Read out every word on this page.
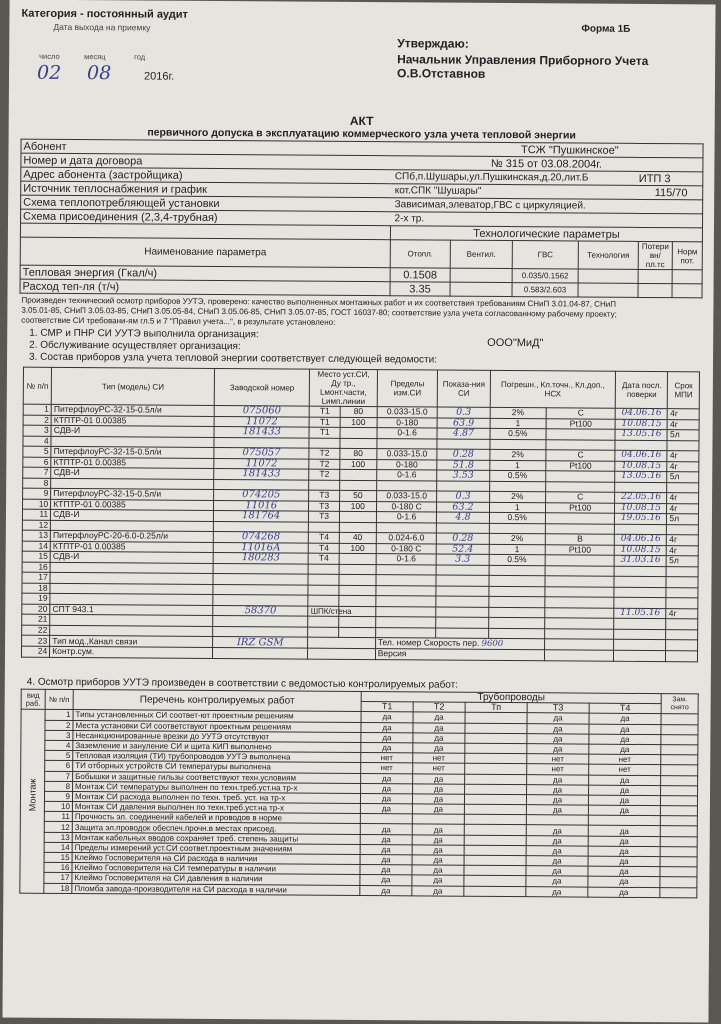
Категория - постоянный аудит
Дата выхода на приемку
число	месяц	год
02 08	2016г.
Форма 1Б
Утверждаю:
Начальник Управления Приборного Учета
О.В.Отставнов
АКТ
первичного допуска в эксплуатацию коммерческого узла учета тепловой энергии
Абонент ТСЖ "Пушкинское"						

Номер и дата договора № 315 от 03.08.2004г.						

Адрес абонента (застройщика) СПб,п.Шушары,ул.Пушкинская,д.20,лит.Б ИТП 3						

Источник теплоснабжения и график кот.СПК "Шушары" 115/70						

Схема теплопотребляющей установки Зависимая,элеватор,ГВС с циркуляцией.						

Схема присоединения (2,3,4-трубная) 2-х тр.						

	Технологические параметры					
Наименование параметра	Отопл.	Вентил.	ГВС	Технология	Потери вн/пл.тс	Норм пот.
Тепловая энергия (Гкал/ч)	0.1508		0.035/0.1562			
Расход теп-ля (т/ч)	3.35		0.583/2.603			
Произведен технический осмотр приборов УУТЭ, проверено: качество выполненных монтажных работ и их соответствия требованиям СНиП 3.01.04-87, СНиП
3.05.01-85, СНиП 3.05.03-85, СНиП 3.05.05-84, СНиП 3.05.06-85, СНиП 3.05.07-85, ГОСТ 16037-80; соответствие узла учета согласованному рабочему проекту;
соответствие СИ требовани-ям гл.5 и 7 "Правил учета...", в результате установлено:
1. СМР и ПНР СИ УУТЭ выполнила организация:
ООО"МиД"
2. Обслуживание осуществляет организация:
3. Состав приборов узла учета тепловой энергии соответствует следующей ведомости:
№ п/п	Тип (модель) СИ	Заводской номер	Место уст.СИ, Ду тр., Lмонт.части, Lимп.линии		Пределы изм.СИ	Показа-ния СИ	Погрешн., Кл.точн., Кл.доп., НСХ		Дата посл. поверки	Срок МПИ
1	ПитерфлоуРС-32-15-0.5л/и	075060	Т1	80	0.033-15.0	0.3	2%	С	04.06.16	4г
2	КТПТР-01 0.00385	11072	Т1	100	0-180	63.9	1	Pt100	10.08.15	4г
3	СДВ-И	181433	Т1		0-1.6	4.87	0.5%		13.05.16	5л
4										
5	ПитерфлоуРС-32-15-0.5л/и	075057	Т2	80	0.033-15.0	0.28	2%	С	04.06.16	4г
6	КТПТР-01 0.00385	11072	Т2	100	0-180	51.8	1	Pt100	10.08.15	4г
7	СДВ-И	181433	Т2		0-1.6	3.53	0.5%		13.05.16	5л
8										
9	ПитерфлоуРС-32-15-0.5л/и	074205	Т3	50	0.033-15.0	0.3	2%	С	22.05.16	4г
10	КТПТР-01 0.00385	11016	Т3	100	0-180 С	63.2	1	Pt100	10.08.15	4г
11	СДВ-И	181764	Т3		0-1.6	4.8	0.5%		19.05.16	5л
12										
13	ПитерфлоуРС-20-6.0-0.25л/и	074268	Т4	40	0.024-6.0	0.28	2%	В	04.06.16	4г
14	КТПТР-01 0.00385	11016А	Т4	100	0-180 С	52.4	1	Pt100	10.08.15	4г
15	СДВ-И	180283	Т4		0-1.6	3.3	0.5%		31.03.16	5л
16										
17										
18										
19										
20	СПТ 943.1	58370	ШПК/стена						11.05.16	4г
21										
22										
23	Тип мод.,Канал связи	IRZ GSM			Тел. номер Скорость пер. 9600					
24	Контр.сум.				Версия					
4. Осмотр приборов УУТЭ произведен в соответствии с ведомостью контролируемых работ:
вид раб.	№ п/п	Перечень контролируемых работ	Трубопроводы					Зам. снято
			Т1	Т2	Тп	Т3	Т4	

Монтаж	1	Типы установленных СИ соответ-ют проектным решениям	да	да		да	да	
	2	Места установки СИ соответствуют проектным решениям	да	да		да	да	
	3	Несанкционированные врезки до УУТЭ отсутствуют	да	да		да	да	
	4	Заземление и зануление СИ и щита КИП выполнено	да	да		да	да	
	5	Тепловая изоляция (ТИ) трубопроводов УУТЭ выполнена	нет	нет		нет	нет	
	6	ТИ отборных устройств СИ температуры выполнена	нет	нет		нет	нет	
	7	Бобышки и защитные гильзы соответствуют техн.условиям	да	да		да	да	
	8	Монтаж СИ температуры выполнен по техн.треб.уст.на тр-х	да	да		да	да	
	9	Монтаж СИ расхода выполнен по техн. треб. уст. на тр-х	да	да		да	да	
	10	Монтаж СИ давления выполнен по техн.треб.уст.на тр-х	да	да		да	да	
	11	Прочность эл. соединений кабелей и проводов в норме						
	12	Защита эл.проводок обеспеч.прочн.в местах присоед.	да	да		да	да	
	13	Монтаж кабельных вводов сохраняет треб. степень защиты	да	да		да	да	
	14	Пределы измерений уст.СИ соответ.проектным значениям	да	да		да	да	
	15	Клеймо Госповерителя на СИ расхода в наличии	да	да		да	да	
	16	Клеймо Госповерителя на СИ температуры в наличии	да	да		да	да	
	17	Клеймо Госповерителя на СИ давления в наличии	да	да		да	да	
	18	Пломба завода-производителя на СИ расхода в наличии	да	да		да	да	
